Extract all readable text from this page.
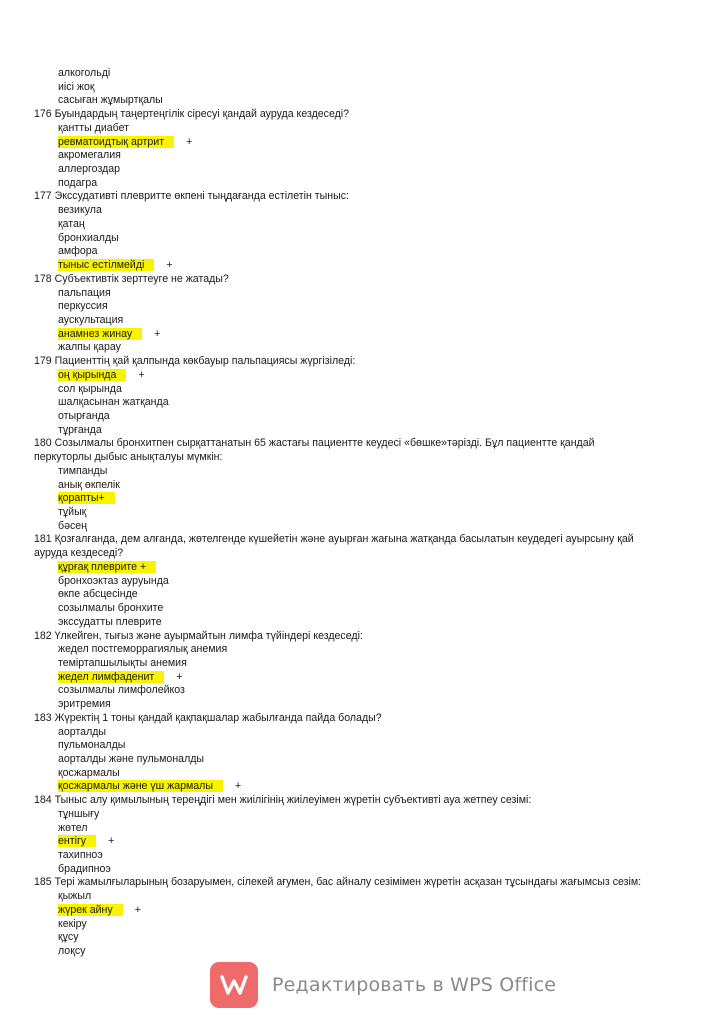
алкогольді
иісі жоқ
сасыған жұмыртқалы
176 Буындардың таңертеңгілік сіресуі қандай аурудa кездеседі?
қантты диабет
ревматоидтық артрит +
акромегалия
аллергоздар
подагра
177 Экссудативті плевритте өкпені тыңдағанда естілетін тыныс:
везикула
қатаң
бронхиалды
амфора
тыныс естілмейді +
178 Субъективтік зерттеуге не жатады?
пальпация
перкуссия
аускультация
анамнез жинау +
жалпы қарау
179 Пациенттің қай қалпында көкбауыр пальпациясы жүргізіледі:
оң қырында +
сол қырында
шалқасынан жатқанда
отырғанда
тұрғанда
180 Созылмалы бронхитпен сырқаттанатын 65 жастағы пациентте кеудесі «бөшке»тәрізді. Бұл пациентте қандай
перкуторлы дыбыс анықталуы мүмкін:
тимпанды
анық өкпелік
қорапты+
тұйық
бәсең
181 Қозғалғанда, дем алғанда, жөтелгенде күшейетін және ауырған жағына жатқанда басылатын кеудедегі ауырсыну қай
аурудa кездеседі?
құрғақ плеврите +
бронхоэктаз ауруында
өкпе абсцесінде
созылмалы бронхите
экссудатты плеврите
182 Үлкейген, тығыз және ауырмайтын лимфа түйіндері кездеседі:
жедел постгеморрагиялық анемия
темiртапшылықты анемия
жедел лимфаденит +
созылмалы лимфолейкоз
эритремия
183 Жүректің 1 тоны қандай қақпақшалар жабылғанда пайда болады?
аорталды
пульмоналды
аорталды және пульмоналды
қосжармалы
қосжармалы және үш жармалы +
184 Тыныс алу қимылының тереңдігі мен жиілігінің жиілеуімен жүретін субъективті ауа жетпеу сезімі:
тұншығу
жөтел
ентігу +
тахипноэ
брадипноэ
185 Тері жамылғыларының бозаруымен, сілекей ағумен, бас айналу сезімімен жүретін асқазан тұсындағы жағымсыз сезім:
қыжыл
жүрек айну +
кекіру
құсу
лоқсу
Редактировать в WPS Office
